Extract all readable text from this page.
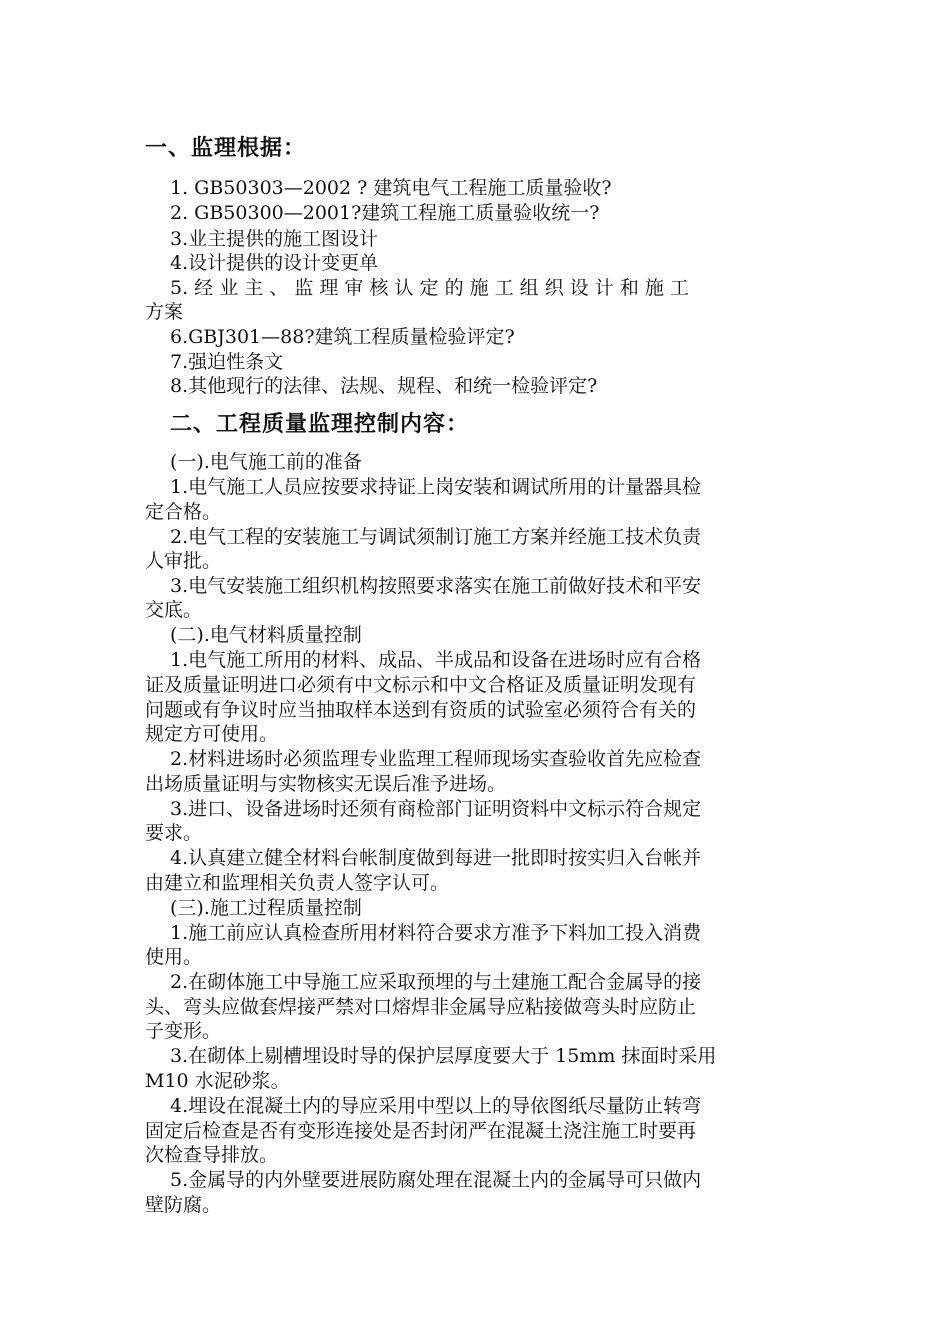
一、监理根据：
1. GB50303—2002 ? 建筑电气工程施工质量验收?
2. GB50300—2001?建筑工程施工质量验收统一?
3.业主提供的施工图设计
4.设计提供的设计变更单
5. 经 业 主 、 监 理 审 核 认 定 的 施 工 组 织 设 计 和 施 工
方案
6.GBJ301—88?建筑工程质量检验评定?
7.强迫性条文
8.其他现行的法律、法规、规程、和统一检验评定?
二、工程质量监理控制内容：
(一).电气施工前的准备
1.电气施工人员应按要求持证上岗安装和调试所用的计量器具检
定合格。
2.电气工程的安装施工与调试须制订施工方案并经施工技术负责
人审批。
3.电气安装施工组织机构按照要求落实在施工前做好技术和平安
交底。
(二).电气材料质量控制
1.电气施工所用的材料、成品、半成品和设备在进场时应有合格
证及质量证明进口必须有中文标示和中文合格证及质量证明发现有
问题或有争议时应当抽取样本送到有资质的试验室必须符合有关的
规定方可使用。
2.材料进场时必须监理专业监理工程师现场实查验收首先应检查
出场质量证明与实物核实无误后准予进场。
3.进口、设备进场时还须有商检部门证明资料中文标示符合规定
要求。
4.认真建立健全材料台帐制度做到每进一批即时按实归入台帐并
由建立和监理相关负责人签字认可。
(三).施工过程质量控制
1.施工前应认真检查所用材料符合要求方准予下料加工投入消费
使用。
2.在砌体施工中导施工应采取预埋的与土建施工配合金属导的接
头、弯头应做套焊接严禁对口熔焊非金属导应粘接做弯头时应防止
子变形。
3.在砌体上剔槽埋设时导的保护层厚度要大于 15mm 抹面时采用
M10 水泥砂浆。
4.埋设在混凝土内的导应采用中型以上的导依图纸尽量防止转弯
固定后检查是否有变形连接处是否封闭严在混凝土浇注施工时要再
次检查导排放。
5.金属导的内外壁要进展防腐处理在混凝土内的金属导可只做内
壁防腐。
